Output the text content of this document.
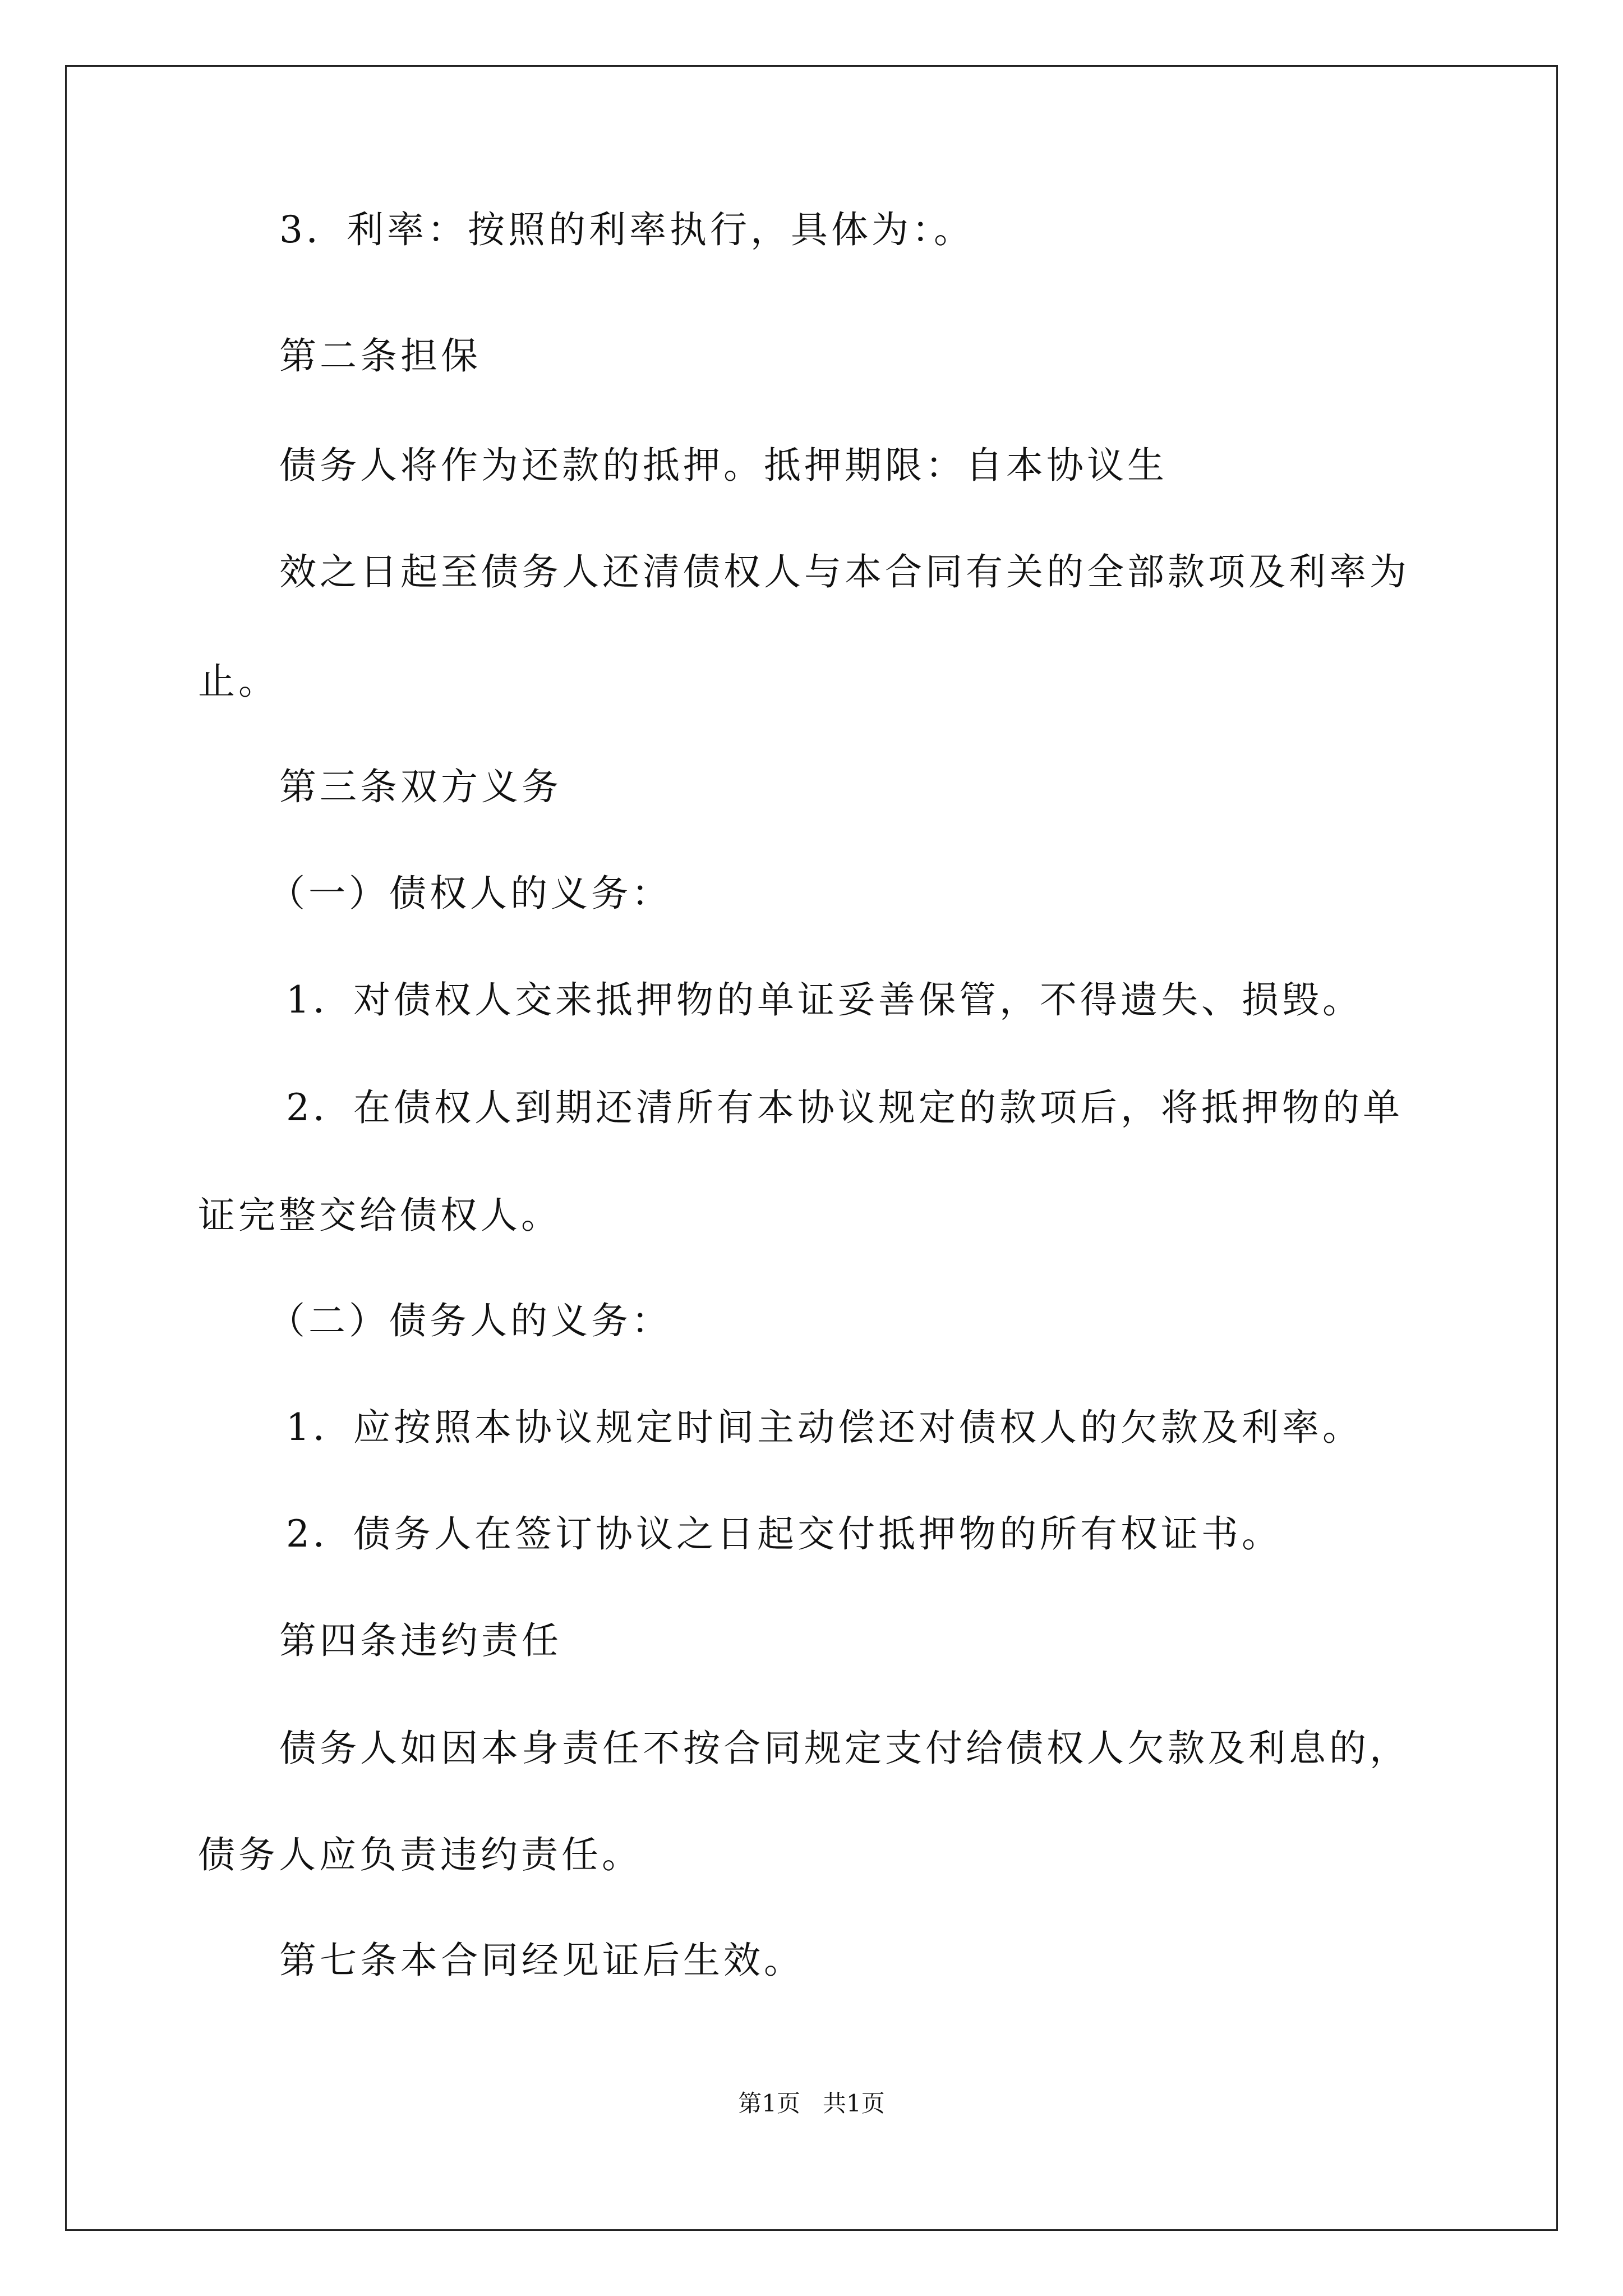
3．利率：按照的利率执行，具体为：。
第二条担保
债务人将作为还款的抵押。抵押期限：自本协议生
效之日起至债务人还清债权人与本合同有关的全部款项及利率为
止。
第三条双方义务
（一）债权人的义务：
1．对债权人交来抵押物的单证妥善保管，不得遗失、损毁。
2．在债权人到期还清所有本协议规定的款项后，将抵押物的单
证完整交给债权人。
（二）债务人的义务：
1．应按照本协议规定时间主动偿还对债权人的欠款及利率。
2．债务人在签订协议之日起交付抵押物的所有权证书。
第四条违约责任
债务人如因本身责任不按合同规定支付给债权人欠款及利息的，
债务人应负责违约责任。
第七条本合同经见证后生效。
第1页   共1页
